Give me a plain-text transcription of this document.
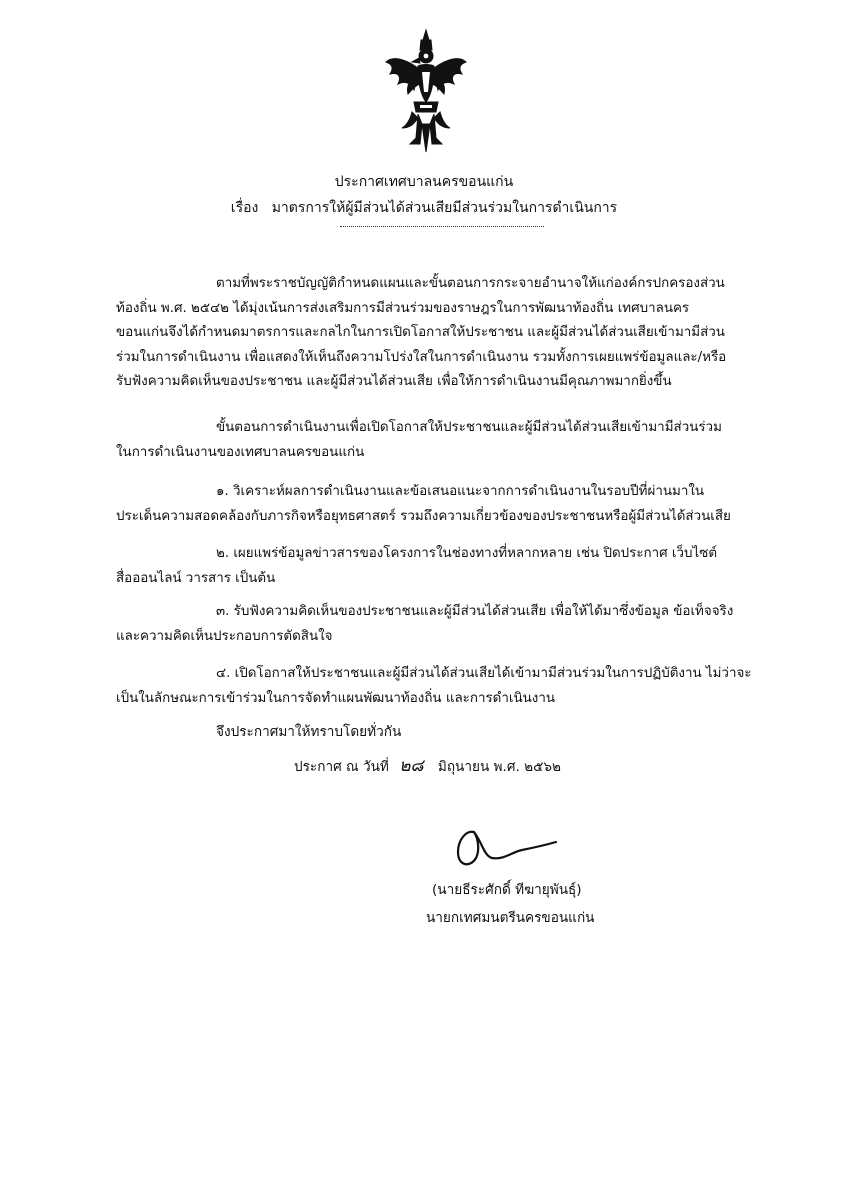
ประกาศเทศบาลนครขอนแก่น
เรื่อง มาตรการให้ผู้มีส่วนได้ส่วนเสียมีส่วนร่วมในการดำเนินการ
ตามที่พระราชบัญญัติกำหนดแผนและขั้นตอนการกระจายอำนาจให้แก่องค์กรปกครองส่วน
ท้องถิ่น พ.ศ. ๒๕๔๒ ได้มุ่งเน้นการส่งเสริมการมีส่วนร่วมของราษฎรในการพัฒนาท้องถิ่น เทศบาลนคร
ขอนแก่นจึงได้กำหนดมาตรการและกลไกในการเปิดโอกาสให้ประชาชน และผู้มีส่วนได้ส่วนเสียเข้ามามีส่วน
ร่วมในการดำเนินงาน เพื่อแสดงให้เห็นถึงความโปร่งใสในการดำเนินงาน รวมทั้งการเผยแพร่ข้อมูลและ/หรือ
รับฟังความคิดเห็นของประชาชน และผู้มีส่วนได้ส่วนเสีย เพื่อให้การดำเนินงานมีคุณภาพมากยิ่งขึ้น
ขั้นตอนการดำเนินงานเพื่อเปิดโอกาสให้ประชาชนและผู้มีส่วนได้ส่วนเสียเข้ามามีส่วนร่วม
ในการดำเนินงานของเทศบาลนครขอนแก่น
๑. วิเคราะห์ผลการดำเนินงานและข้อเสนอแนะจากการดำเนินงานในรอบปีที่ผ่านมาใน
ประเด็นความสอดคล้องกับภารกิจหรือยุทธศาสตร์ รวมถึงความเกี่ยวข้องของประชาชนหรือผู้มีส่วนได้ส่วนเสีย
๒. เผยแพร่ข้อมูลข่าวสารของโครงการในช่องทางที่หลากหลาย เช่น ปิดประกาศ เว็บไซต์
สื่อออนไลน์ วารสาร เป็นต้น
๓. รับฟังความคิดเห็นของประชาชนและผู้มีส่วนได้ส่วนเสีย เพื่อให้ได้มาซึ่งข้อมูล ข้อเท็จจริง
และความคิดเห็นประกอบการตัดสินใจ
๔. เปิดโอกาสให้ประชาชนและผู้มีส่วนได้ส่วนเสียได้เข้ามามีส่วนร่วมในการปฏิบัติงาน ไม่ว่าจะ
เป็นในลักษณะการเข้าร่วมในการจัดทำแผนพัฒนาท้องถิ่น และการดำเนินงาน
จึงประกาศมาให้ทราบโดยทั่วกัน
ประกาศ ณ วันที่ ๒๘ มิถุนายน พ.ศ. ๒๕๖๒
(นายธีระศักดิ์ ทีฆายุพันธุ์)
นายกเทศมนตรีนครขอนแก่น
